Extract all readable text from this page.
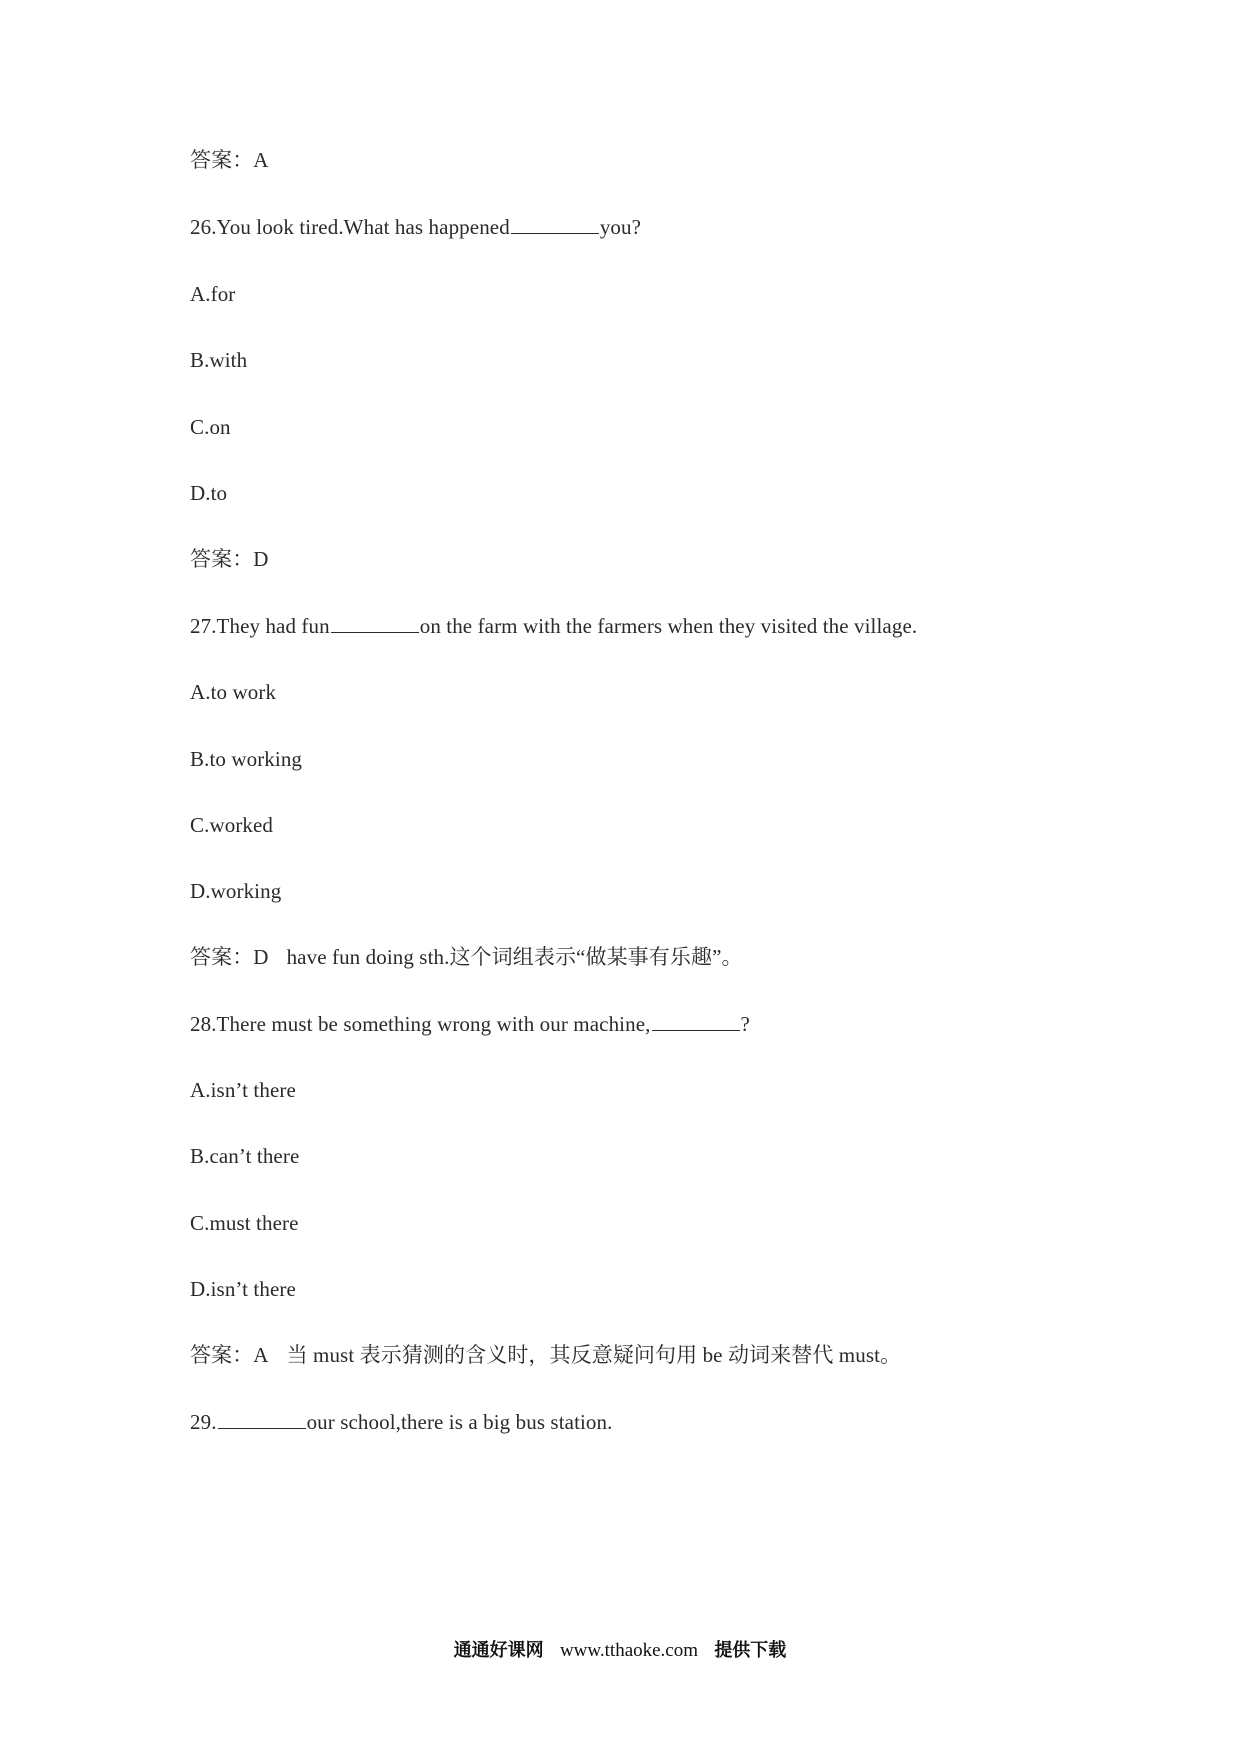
答案：A
26.You look tired.What has happened	you?
A.for
B.with
C.on
D.to
答案：D
27.They had fun	on the farm with the farmers when they visited the village.
A.to work
B.to working
C.worked
D.working
答案：D have fun doing sth.这个词组表示“做某事有乐趣”。
28.There must be something wrong with our machine,	?
A.isn’t there
B.can’t there
C.must there
D.isn’t there
答案：A 当 must 表示猜测的含义时，其反意疑问句用 be 动词来替代 must。
29.	our school,there is a big bus station.
通通好课网 www.tthaoke.com 提供下载
